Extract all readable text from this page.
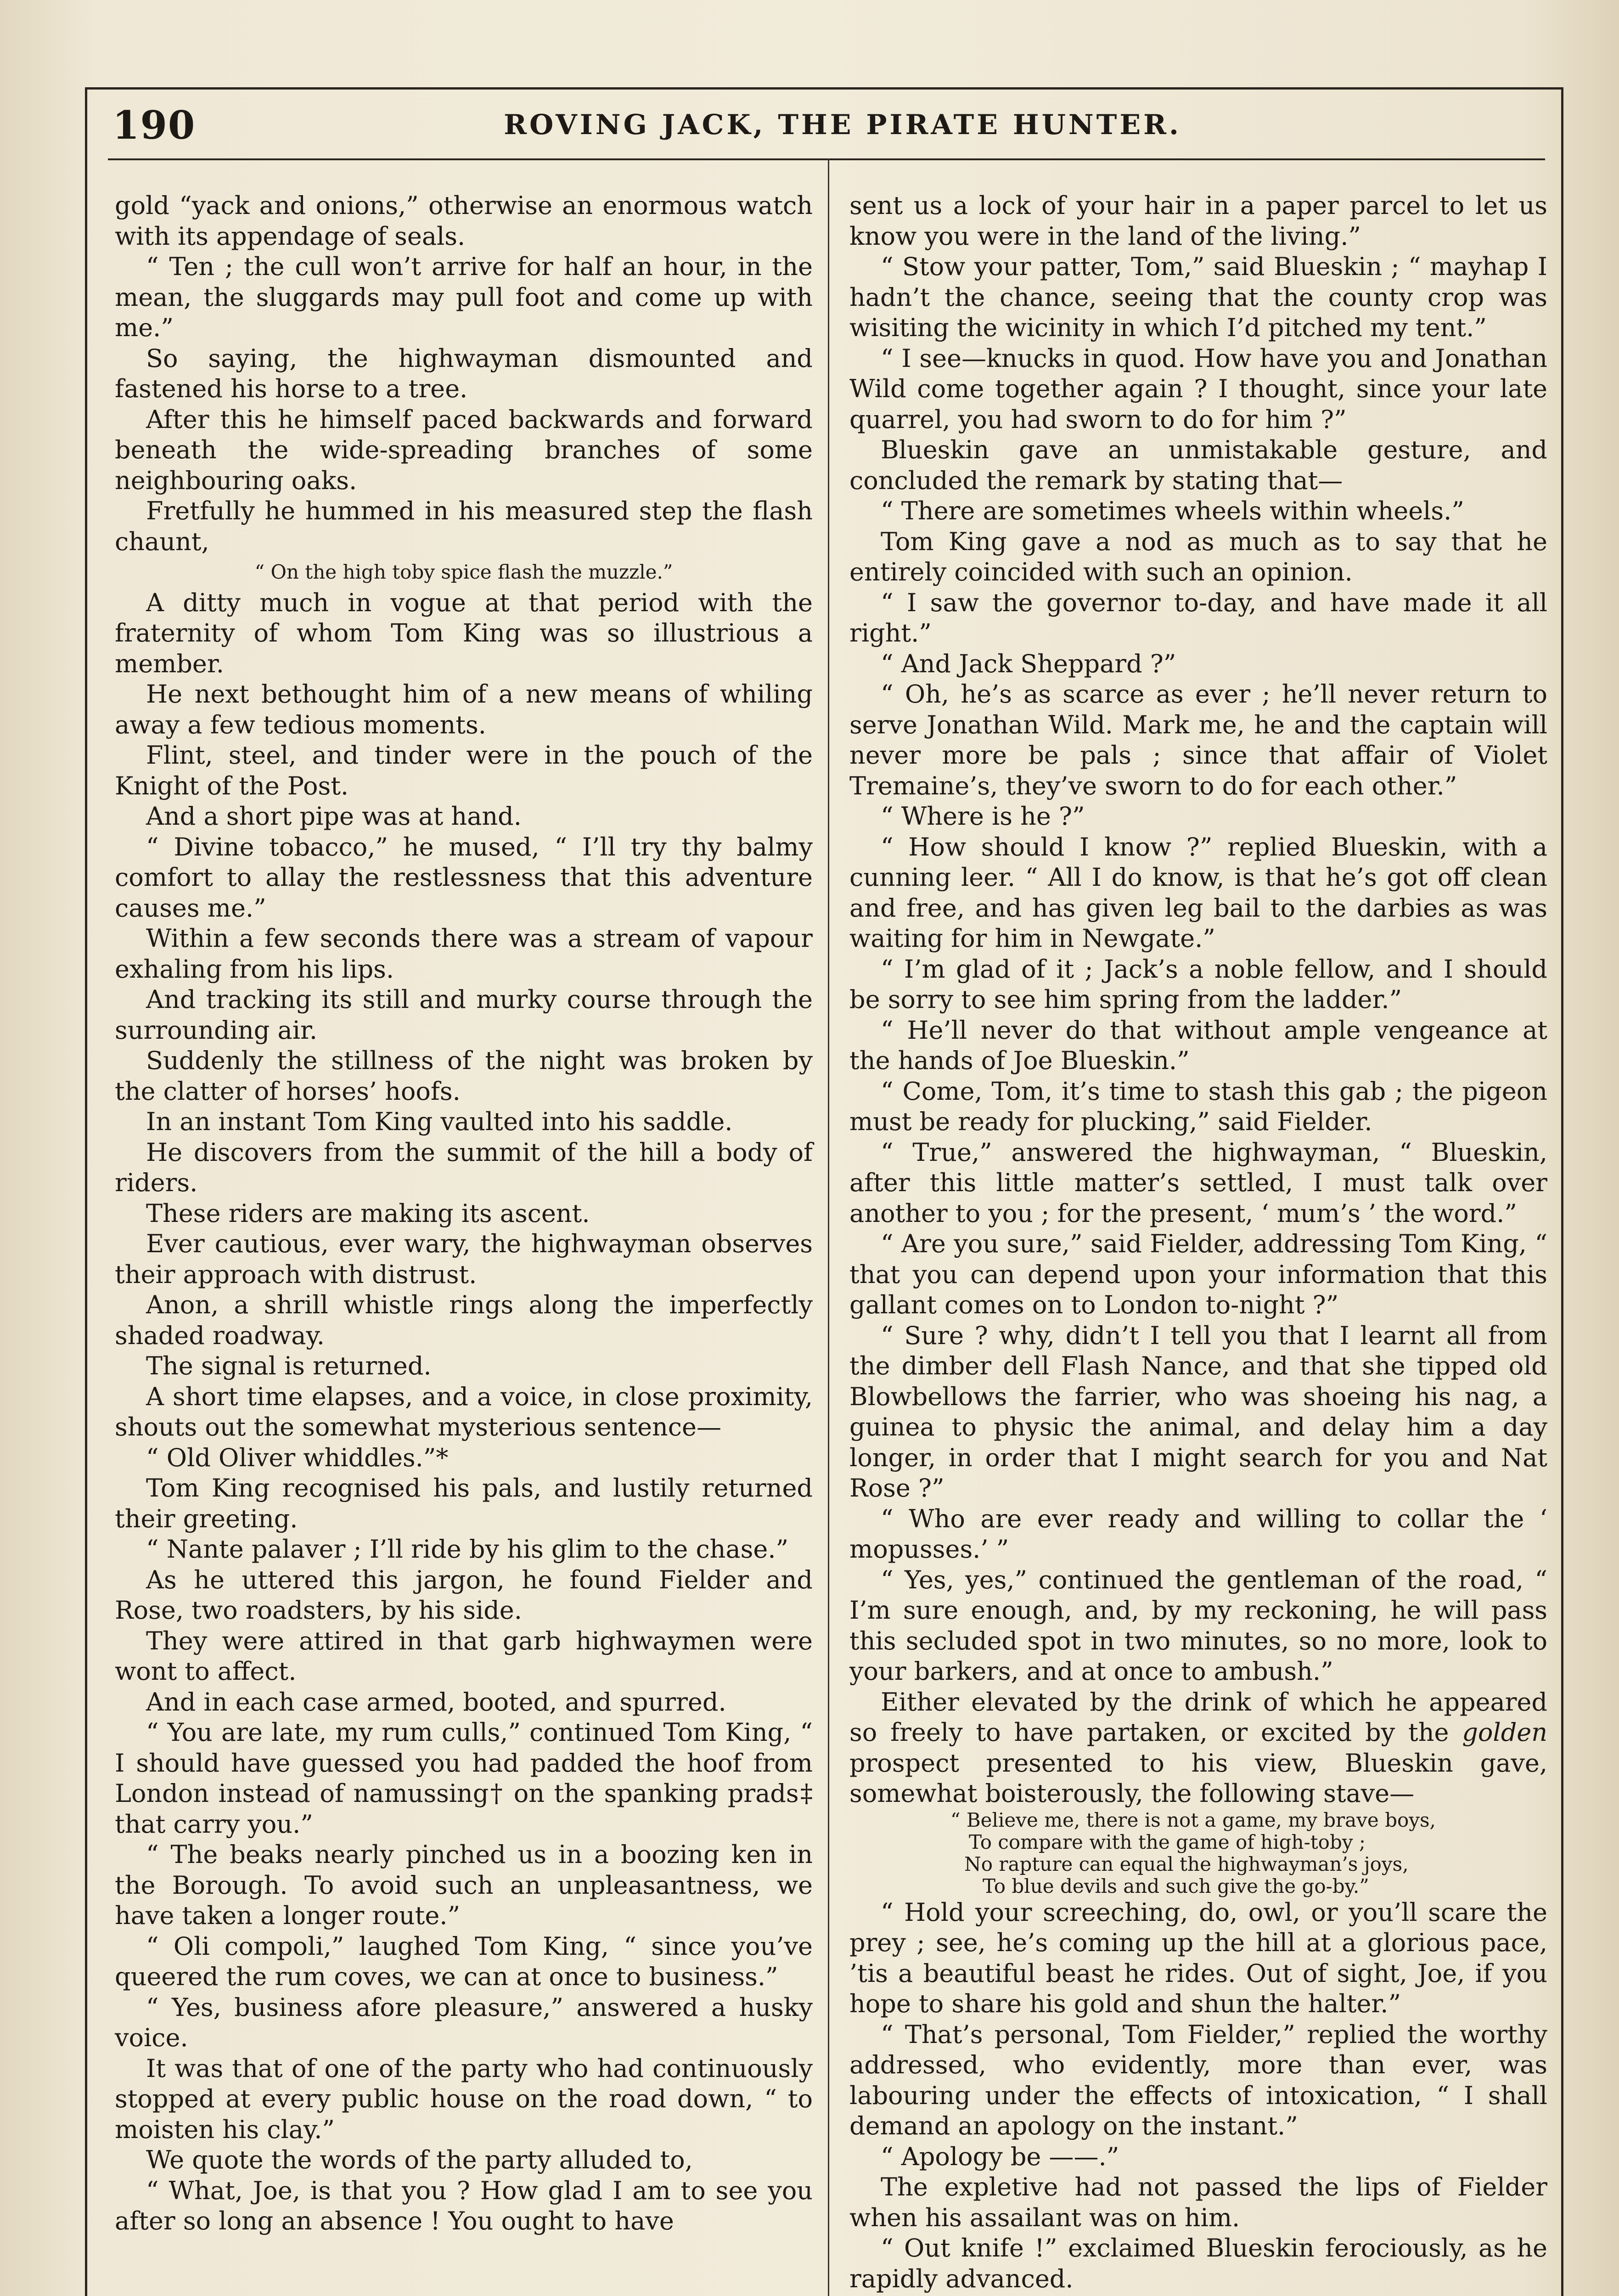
190	ROVING JACK, THE PIRATE HUNTER.

gold “yack and onions,” otherwise an enormous watch with its appendage of seals.

“ Ten ; the cull won’t arrive for half an hour, in the mean, the sluggards may pull foot and come up with me.”

So saying, the highwayman dismounted and fastened his horse to a tree.

After this he himself paced backwards and forward beneath the wide-spreading branches of some neighbouring oaks.

Fretfully he hummed in his measured step the flash chaunt,

“ On the high toby spice flash the muzzle.”

A ditty much in vogue at that period with the fraternity of whom Tom King was so illustrious a member.

He next bethought him of a new means of whiling away a few tedious moments.

Flint, steel, and tinder were in the pouch of the Knight of the Post.

And a short pipe was at hand.

“ Divine tobacco,” he mused, “ I’ll try thy balmy comfort to allay the restlessness that this adventure causes me.”

Within a few seconds there was a stream of vapour exhaling from his lips.

And tracking its still and murky course through the surrounding air.

Suddenly the stillness of the night was broken by the clatter of horses’ hoofs.

In an instant Tom King vaulted into his saddle.

He discovers from the summit of the hill a body of riders.

These riders are making its ascent.

Ever cautious, ever wary, the highwayman observes their approach with distrust.

Anon, a shrill whistle rings along the imperfectly shaded roadway.

The signal is returned.

A short time elapses, and a voice, in close proximity, shouts out the somewhat mysterious sentence—

“ Old Oliver whiddles.”*

Tom King recognised his pals, and lustily returned their greeting.

“ Nante palaver ; I’ll ride by his glim to the chase.”

As he uttered this jargon, he found Fielder and Rose, two roadsters, by his side.

They were attired in that garb highwaymen were wont to affect.

And in each case armed, booted, and spurred.

“ You are late, my rum culls,” continued Tom King, “ I should have guessed you had padded the hoof from London instead of namussing† on the spanking prads‡ that carry you.”

“ The beaks nearly pinched us in a boozing ken in the Borough. To avoid such an unpleasantness, we have taken a longer route.”

“ Oli compoli,” laughed Tom King, “ since you’ve queered the rum coves, we can at once to business.”

“ Yes, business afore pleasure,” answered a husky voice.

It was that of one of the party who had continuously stopped at every public house on the road down, “ to moisten his clay.”

We quote the words of the party alluded to,

“ What, Joe, is that you ? How glad I am to see you after so long an absence ! You ought to have

sent us a lock of your hair in a paper parcel to let us know you were in the land of the living.”

“ Stow your patter, Tom,” said Blueskin ; “ mayhap I hadn’t the chance, seeing that the county crop was wisiting the wicinity in which I’d pitched my tent.”

“ I see—knucks in quod. How have you and Jonathan Wild come together again ? I thought, since your late quarrel, you had sworn to do for him ?”

Blueskin gave an unmistakable gesture, and concluded the remark by stating that—

“ There are sometimes wheels within wheels.”

Tom King gave a nod as much as to say that he entirely coincided with such an opinion.

“ I saw the governor to-day, and have made it all right.”

“ And Jack Sheppard ?”

“ Oh, he’s as scarce as ever ; he’ll never return to serve Jonathan Wild. Mark me, he and the captain will never more be pals ; since that affair of Violet Tremaine’s, they’ve sworn to do for each other.”

“ Where is he ?”

“ How should I know ?” replied Blueskin, with a cunning leer. “ All I do know, is that he’s got off clean and free, and has given leg bail to the darbies as was waiting for him in Newgate.”

“ I’m glad of it ; Jack’s a noble fellow, and I should be sorry to see him spring from the ladder.”

“ He’ll never do that without ample vengeance at the hands of Joe Blueskin.”

“ Come, Tom, it’s time to stash this gab ; the pigeon must be ready for plucking,” said Fielder.

“ True,” answered the highwayman, “ Blueskin, after this little matter’s settled, I must talk over another to you ; for the present, ‘ mum’s ’ the word.”

“ Are you sure,” said Fielder, addressing Tom King, “ that you can depend upon your information that this gallant comes on to London to-night ?”

“ Sure ? why, didn’t I tell you that I learnt all from the dimber dell Flash Nance, and that she tipped old Blowbellows the farrier, who was shoeing his nag, a guinea to physic the animal, and delay him a day longer, in order that I might search for you and Nat Rose ?”

“ Who are ever ready and willing to collar the ‘ mopusses.’ ”

“ Yes, yes,” continued the gentleman of the road, “ I’m sure enough, and, by my reckoning, he will pass this secluded spot in two minutes, so no more, look to your barkers, and at once to ambush.”

Either elevated by the drink of which he appeared so freely to have partaken, or excited by the golden prospect presented to his view, Blueskin gave, somewhat boisterously, the following stave—

“ Believe me, there is not a game, my brave boys,

To compare with the game of high-toby ;

No rapture can equal the highwayman’s joys,

To blue devils and such give the go-by.”

“ Hold your screeching, do, owl, or you’ll scare the prey ; see, he’s coming up the hill at a glorious pace, ’tis a beautiful beast he rides. Out of sight, Joe, if you hope to share his gold and shun the halter.”

“ That’s personal, Tom Fielder,” replied the worthy addressed, who evidently, more than ever, was labouring under the effects of intoxication, “ I shall demand an apology on the instant.”

“ Apology be ——.”

The expletive had not passed the lips of Fielder when his assailant was on him.

“ Out knife !” exclaimed Blueskin ferociously, as he rapidly advanced.
